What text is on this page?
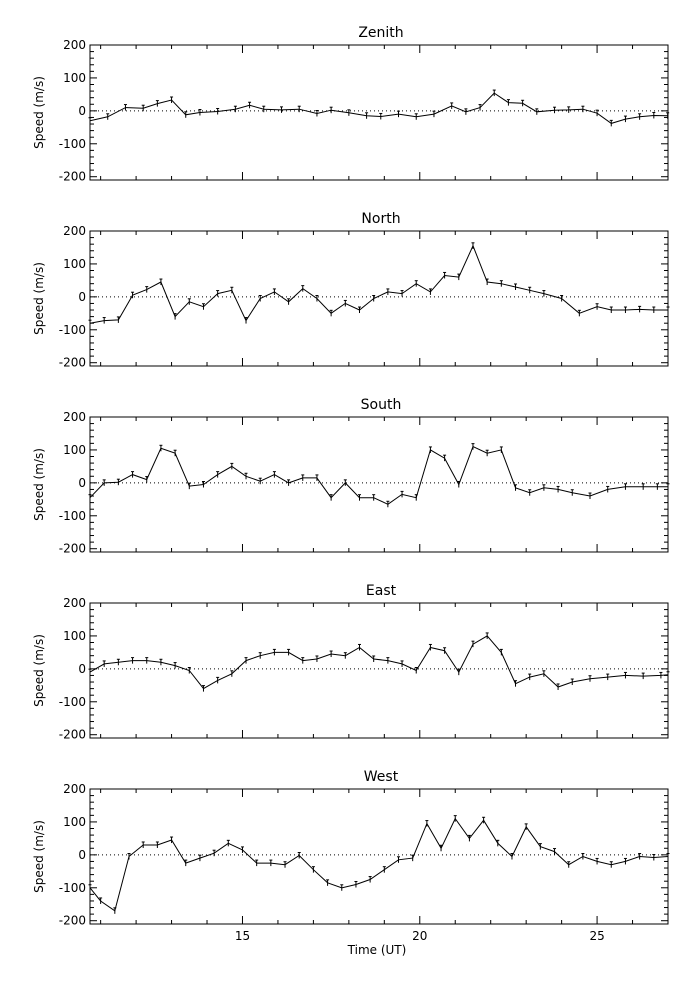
Zenith
Speed (m/s)
200
100
0
-100
-200
North
Speed (m/s)
200
100
0
-100
-200
South
Speed (m/s)
200
100
0
-100
-200
East
Speed (m/s)
200
100
0
-100
-200
West
Speed (m/s)
200
100
0
-100
-200
15	20	25
Time (UT)
